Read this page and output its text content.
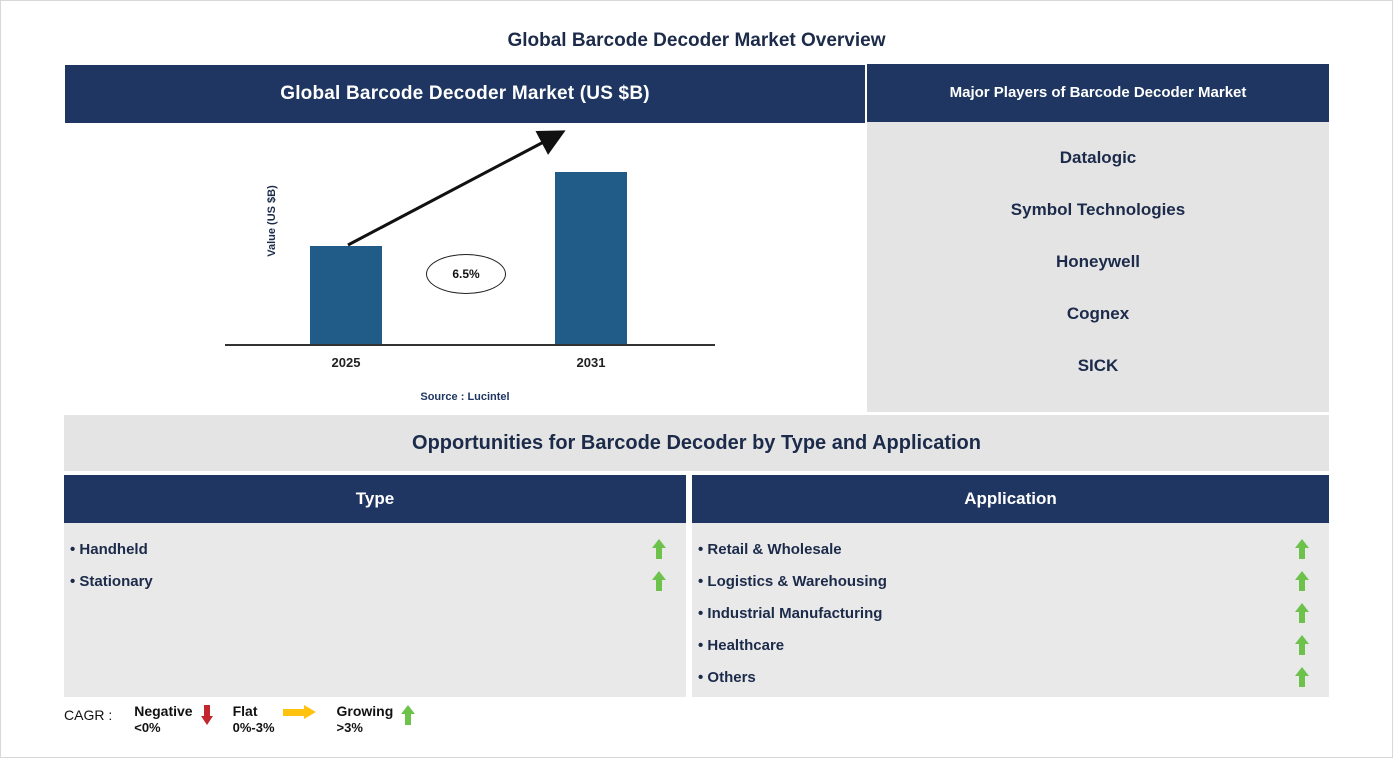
Global Barcode Decoder Market Overview
Global Barcode Decoder Market (US $B)
Value (US $B)
6.5%
2025	2031
Source : Lucintel
Major Players of Barcode Decoder Market
Datalogic
Symbol Technologies
Honeywell
Cognex
SICK
Opportunities for Barcode Decoder by Type and Application
Type
• Handheld
• Stationary
Application
• Retail & Wholesale
• Logistics & Warehousing
• Industrial Manufacturing
• Healthcare
• Others
CAGR : Negative
<0%
Flat
0%-3%
Growing
>3%
